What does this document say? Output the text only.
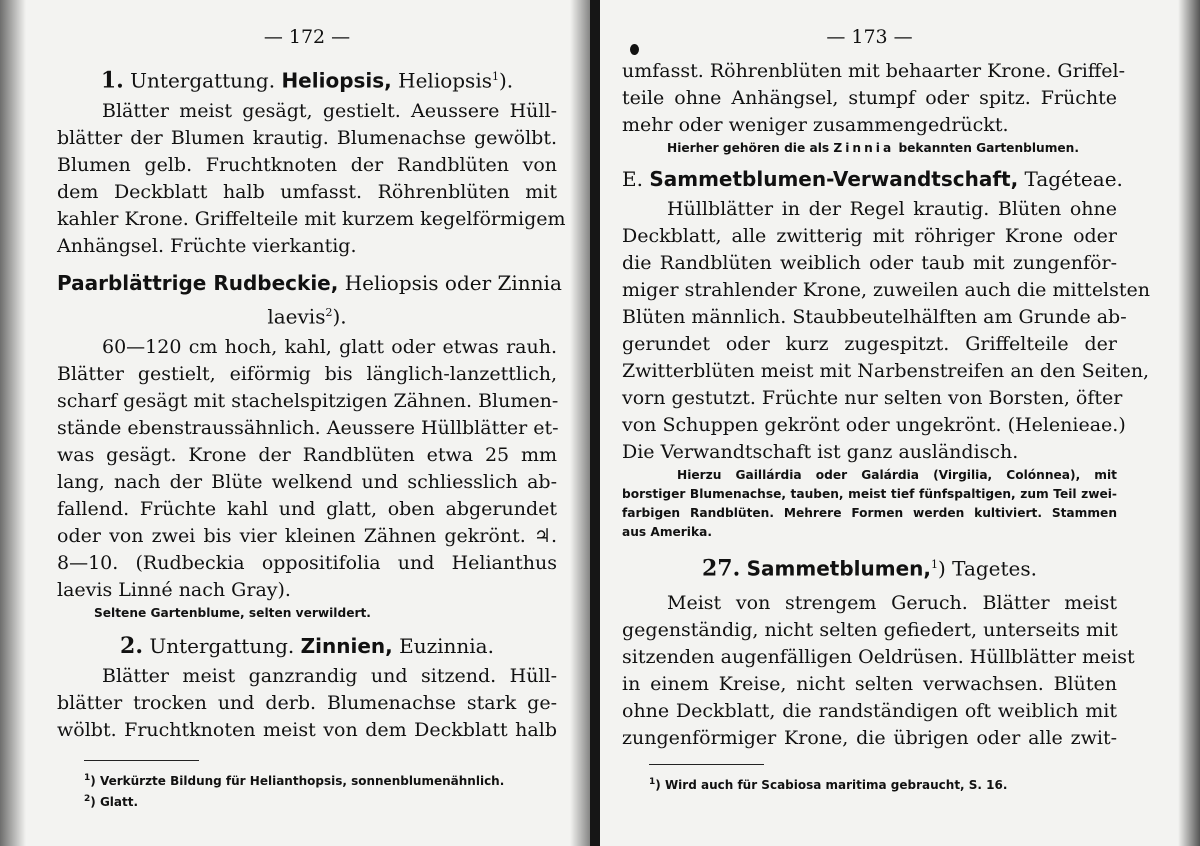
— 172 —
1. Untergattung. Heliopsis, Heliopsis$^1$).
Blätter meist gesägt, gestielt. Aeussere Hüll-
blätter der Blumen krautig. Blumenachse gewölbt.
Blumen gelb. Fruchtknoten der Randblüten von
dem Deckblatt halb umfasst. Röhrenblüten mit
kahler Krone. Griffelteile mit kurzem kegelförmigem
Anhängsel. Früchte vierkantig.
Paarblättrige Rudbeckie, Heliopsis oder Zinnia
laevis$^2$).
60—120 cm hoch, kahl, glatt oder etwas rauh.
Blätter gestielt, eiförmig bis länglich-lanzettlich,
scharf gesägt mit stachelspitzigen Zähnen. Blumen-
stände ebenstraussähnlich. Aeussere Hüllblätter et-
was gesägt. Krone der Randblüten etwa 25 mm
lang, nach der Blüte welkend und schliesslich ab-
fallend. Früchte kahl und glatt, oben abgerundet
oder von zwei bis vier kleinen Zähnen gekrönt. ♃.
8—10. (Rudbeckia oppositifolia und Helianthus
laevis Linné nach Gray).
Seltene Gartenblume, selten verwildert.
2. Untergattung. Zinnien, Euzinnia.
Blätter meist ganzrandig und sitzend. Hüll-
blätter trocken und derb. Blumenachse stark ge-
wölbt. Fruchtknoten meist von dem Deckblatt halb
$^1$) Verkürzte Bildung für Helianthopsis, sonnenblumenähnlich.
$^2$) Glatt.
— 173 —
umfasst. Röhrenblüten mit behaarter Krone. Griffel-
teile ohne Anhängsel, stumpf oder spitz. Früchte
mehr oder weniger zusammengedrückt.
Hierher gehören die als Zinnia bekannten Gartenblumen.
E. Sammetblumen-Verwandtschaft, Tagéteae.
Hüllblätter in der Regel krautig. Blüten ohne
Deckblatt, alle zwitterig mit röhriger Krone oder
die Randblüten weiblich oder taub mit zungenför-
miger strahlender Krone, zuweilen auch die mittelsten
Blüten männlich. Staubbeutelhälften am Grunde ab-
gerundet oder kurz zugespitzt. Griffelteile der
Zwitterblüten meist mit Narbenstreifen an den Seiten,
vorn gestutzt. Früchte nur selten von Borsten, öfter
von Schuppen gekrönt oder ungekrönt. (Helenieae.)
Die Verwandtschaft ist ganz ausländisch.
Hierzu Gaillárdia oder Galárdia (Virgilia, Colónnea), mit
borstiger Blumenachse, tauben, meist tief fünfspaltigen, zum Teil zwei-
farbigen Randblüten. Mehrere Formen werden kultiviert. Stammen
aus Amerika.
27. Sammetblumen,$^1$) Tagetes.
Meist von strengem Geruch. Blätter meist
gegenständig, nicht selten gefiedert, unterseits mit
sitzenden augenfälligen Oeldrüsen. Hüllblätter meist
in einem Kreise, nicht selten verwachsen. Blüten
ohne Deckblatt, die randständigen oft weiblich mit
zungenförmiger Krone, die übrigen oder alle zwit-
$^1$) Wird auch für Scabiosa maritima gebraucht, S. 16.
